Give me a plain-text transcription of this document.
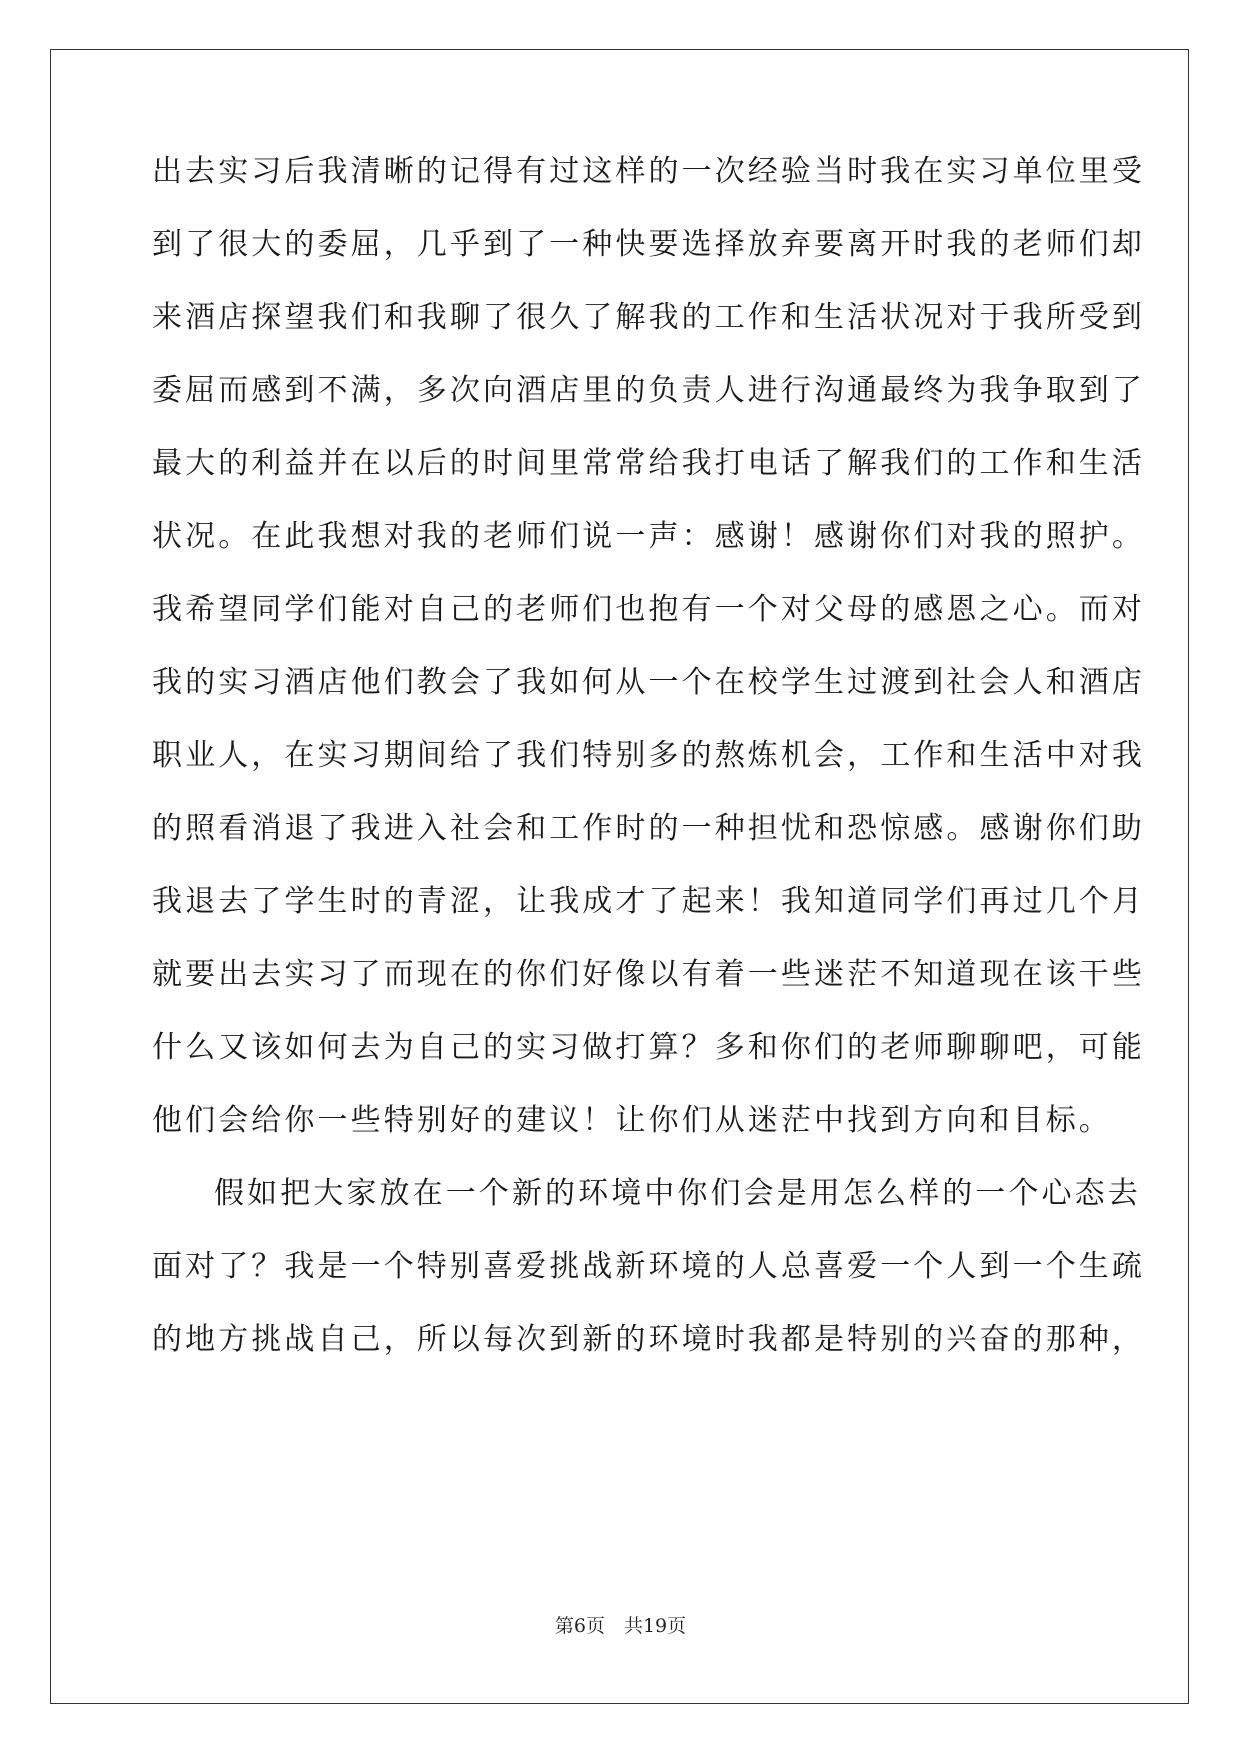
出去实习后我清晰的记得有过这样的一次经验当时我在实习单位里受
到了很大的委屈，几乎到了一种快要选择放弃要离开时我的老师们却
来酒店探望我们和我聊了很久了解我的工作和生活状况对于我所受到
委屈而感到不满，多次向酒店里的负责人进行沟通最终为我争取到了
最大的利益并在以后的时间里常常给我打电话了解我们的工作和生活
状况。在此我想对我的老师们说一声：感谢！感谢你们对我的照护。
我希望同学们能对自己的老师们也抱有一个对父母的感恩之心。而对
我的实习酒店他们教会了我如何从一个在校学生过渡到社会人和酒店
职业人，在实习期间给了我们特别多的熬炼机会，工作和生活中对我
的照看消退了我进入社会和工作时的一种担忧和恐惊感。感谢你们助
我退去了学生时的青涩，让我成才了起来！我知道同学们再过几个月
就要出去实习了而现在的你们好像以有着一些迷茫不知道现在该干些
什么又该如何去为自己的实习做打算？多和你们的老师聊聊吧，可能
他们会给你一些特别好的建议！让你们从迷茫中找到方向和目标。
假如把大家放在一个新的环境中你们会是用怎么样的一个心态去
面对了？我是一个特别喜爱挑战新环境的人总喜爱一个人到一个生疏
的地方挑战自己，所以每次到新的环境时我都是特别的兴奋的那种，
第6页　共19页
